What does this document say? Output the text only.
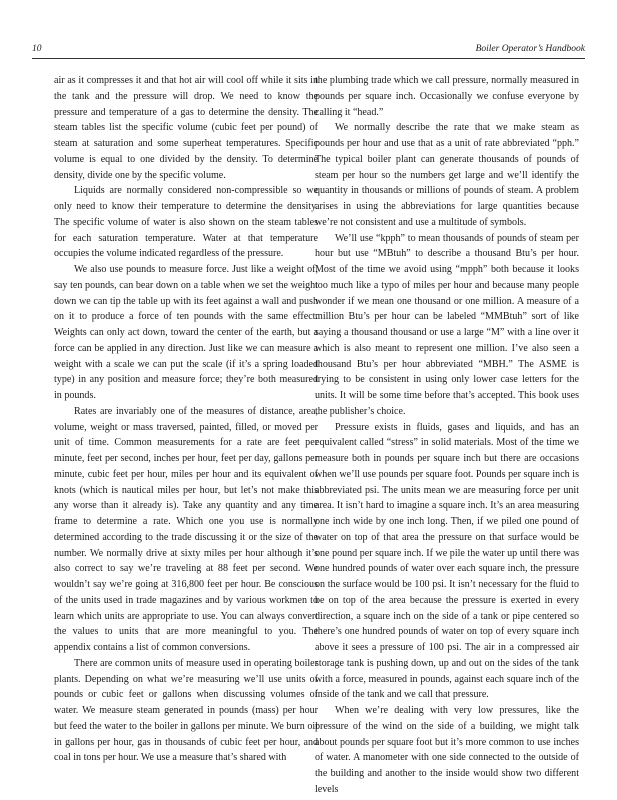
10	Boiler Operator’s Handbook

air as it compresses it and that hot air will cool off while it sits in the tank and the pressure will drop. We need to know the pressure and temperature of a gas to determine the density. The steam tables list the specific volume (cubic feet per pound) of steam at saturation and some superheat temperatures. Specific volume is equal to one divided by the density. To determine density, divide one by the specific volume.

Liquids are normally considered non-compressible so we only need to know their temperature to determine the density. The specific volume of water is also shown on the steam tables for each saturation temperature. Water at that temperature occupies the volume indicated regardless of the pressure.

We also use pounds to measure force. Just like a weight of, say ten pounds, can bear down on a table when we set the weight down we can tip the table up with its feet against a wall and push on it to produce a force of ten pounds with the same effect. Weights can only act down, toward the center of the earth, but a force can be applied in any direction. Just like we can measure a weight with a scale we can put the scale (if it’s a spring loaded type) in any position and measure force; they’re both measured in pounds.

Rates are invariably one of the measures of distance, area, volume, weight or mass traversed, painted, filled, or moved per unit of time. Common measurements for a rate are feet per minute, feet per second, inches per hour, feet per day, gallons per minute, cubic feet per hour, miles per hour and its equivalent of knots (which is nautical miles per hour, but let’s not make this any worse than it already is). Take any quantity and any time frame to determine a rate. Which one you use is normally determined according to the trade discussing it or the size of the number. We normally drive at sixty miles per hour although it’s also correct to say we’re traveling at 88 feet per second. We wouldn’t say we’re going at 316,800 feet per hour. Be conscious of the units used in trade magazines and by various workmen to learn which units are appropriate to use. You can always convert the values to units that are more meaningful to you. The appendix contains a list of common conversions.

There are common units of measure used in operating boiler plants. Depending on what we’re measuring we’ll use units of pounds or cubic feet or gallons when discussing volumes of water. We measure steam generated in pounds (mass) per hour but feed the water to the boiler in gallons per minute. We burn oil in gallons per hour, gas in thousands of cubic feet per hour, and coal in tons per hour. We use a measure that’s shared with

the plumbing trade which we call pressure, normally measured in pounds per square inch. Occasionally we confuse everyone by calling it “head.”

We normally describe the rate that we make steam as pounds per hour and use that as a unit of rate abbreviated “pph.” The typical boiler plant can generate thousands of pounds of steam per hour so the numbers get large and we’ll identify the quantity in thousands or millions of pounds of steam. A problem arises in using the abbreviations for large quantities because we’re not consistent and use a multitude of symbols.

We’ll use “kpph” to mean thousands of pounds of steam per hour but use “MBtuh” to describe a thousand Btu’s per hour. Most of the time we avoid using “mpph” both because it looks too much like a typo of miles per hour and because many people wonder if we mean one thousand or one million. A measure of a million Btu’s per hour can be labeled “MMBtuh” sort of like saying a thousand thousand or use a large “M” with a line over it which is also meant to represent one million. I’ve also seen a thousand Btu’s per hour abbreviated “MBH.” The ASME is trying to be consistent in using only lower case letters for the units. It will be some time before that’s accepted. This book uses the publisher’s choice.

Pressure exists in fluids, gases and liquids, and has an equivalent called “stress” in solid materials. Most of the time we measure both in pounds per square inch but there are occasions when we’ll use pounds per square foot. Pounds per square inch is abbreviated psi. The units mean we are measuring force per unit area. It isn’t hard to imagine a square inch. It’s an area measuring one inch wide by one inch long. Then, if we piled one pound of water on top of that area the pressure on that surface would be one pound per square inch. If we pile the water up until there was one hundred pounds of water over each square inch, the pressure on the surface would be 100 psi. It isn’t necessary for the fluid to be on top of the area because the pressure is exerted in every direction, a square inch on the side of a tank or pipe centered so there’s one hundred pounds of water on top of every square inch above it sees a pressure of 100 psi. The air in a compressed air storage tank is pushing down, up and out on the sides of the tank with a force, measured in pounds, against each square inch of the inside of the tank and we call that pressure.

When we’re dealing with very low pressures, like the pressure of the wind on the side of a building, we might talk about pounds per square foot but it’s more common to use inches of water. A manometer with one side connected to the outside of the building and another to the inside would show two different levels
